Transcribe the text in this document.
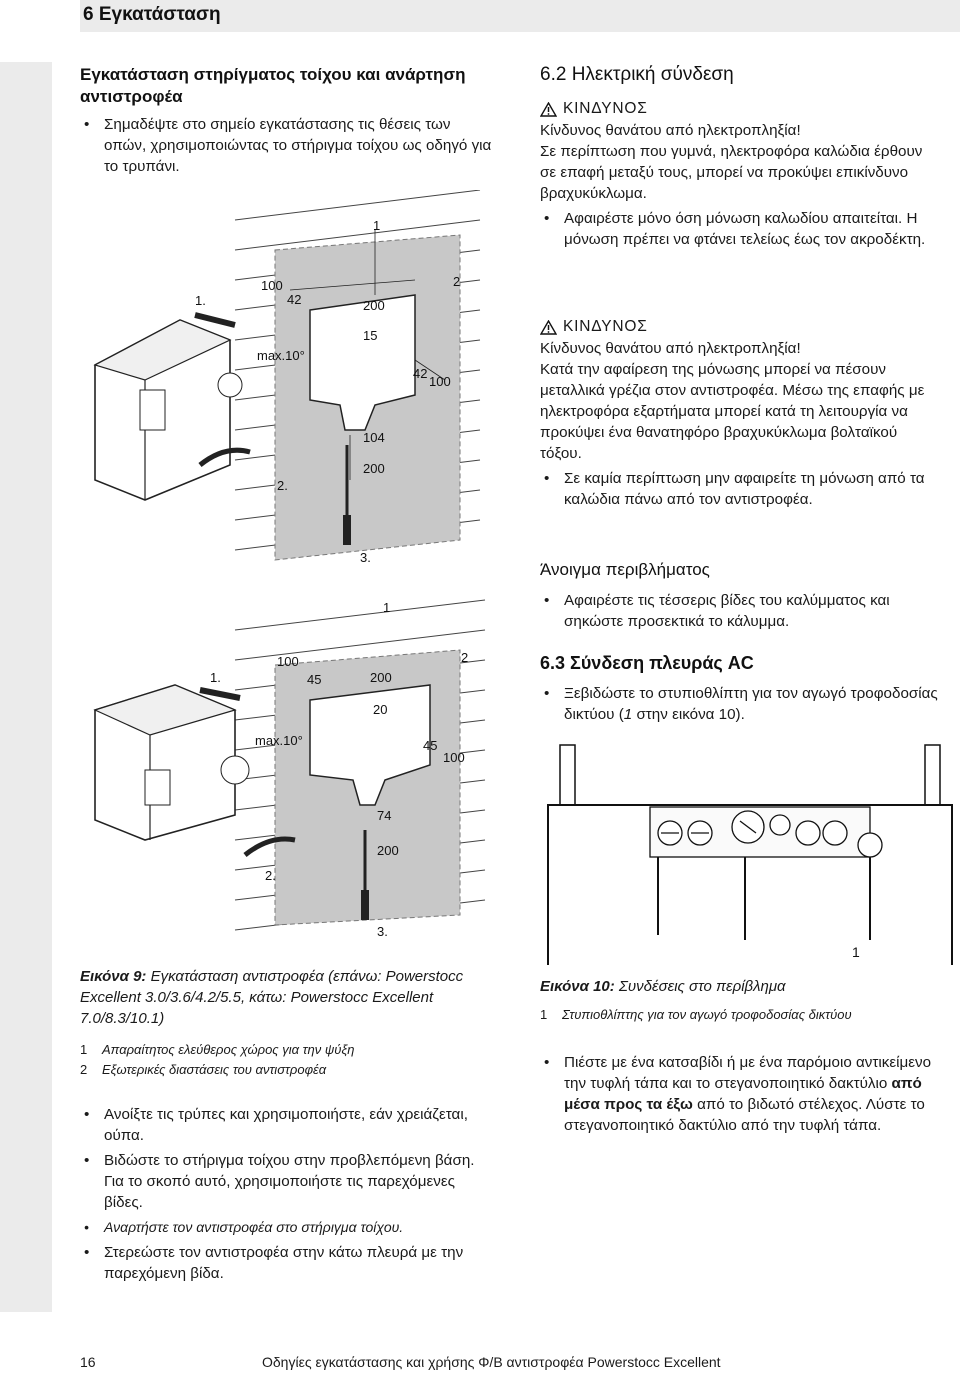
6 Εγκατάσταση
Εγκατάσταση στηρίγματος τοίχου και ανάρτηση αντιστροφέα
• Σημαδέψτε στο σημείο εγκατάστασης τις θέσεις των οπών, χρησιμοποιώντας το στήριγμα τοίχου ως οδηγό για το τρυπάνι.
1.
2.
3.
100
42
42
200
15
100
104
200
max.10°
1
2
1.
2.
3.
100
45
45
200
20
100
74
200
max.10°
1
2
Εικόνα 9: Εγκατάσταση αντιστροφέα (επάνω: Powerstocc Excellent 3.0/3.6/4.2/5.5, κάτω: Powerstocc Excellent 7.0/8.3/10.1)
1 Απαραίτητος ελεύθερος χώρος για την ψύξη
2 Εξωτερικές διαστάσεις του αντιστροφέα
• Ανοίξτε τις τρύπες και χρησιμοποιήστε, εάν χρειάζεται, ούπα.
• Βιδώστε το στήριγμα τοίχου στην προβλεπόμενη βάση. Για το σκοπό αυτό, χρησιμοποιήστε τις παρεχόμενες βίδες.
• Αναρτήστε τον αντιστροφέα στο στήριγμα τοίχου.
• Στερεώστε τον αντιστροφέα στην κάτω πλευρά με την παρεχόμενη βίδα.
6.2 Ηλεκτρική σύνδεση
ΚΙΝΔΥΝΟΣ
Κίνδυνος θανάτου από ηλεκτροπληξία!
Σε περίπτωση που γυμνά, ηλεκτροφόρα καλώδια έρθουν σε επαφή μεταξύ τους, μπορεί να προκύψει επικίνδυνο βραχυκύκλωμα.
• Αφαιρέστε μόνο όση μόνωση καλωδίου απαιτείται. Η μόνωση πρέπει να φτάνει τελείως έως τον ακροδέκτη.
ΚΙΝΔΥΝΟΣ
Κίνδυνος θανάτου από ηλεκτροπληξία!
Κατά την αφαίρεση της μόνωσης μπορεί να πέσουν μεταλλικά γρέζια στον αντιστροφέα. Μέσω της επαφής με ηλεκτροφόρα εξαρτήματα μπορεί κατά τη λειτουργία να προκύψει ένα θανατηφόρο βραχυκύκλωμα βολταϊκού τόξου.
• Σε καμία περίπτωση μην αφαιρείτε τη μόνωση από τα καλώδια πάνω από τον αντιστροφέα.
Άνοιγμα περιβλήματος
• Αφαιρέστε τις τέσσερις βίδες του καλύμματος και σηκώστε προσεκτικά το κάλυμμα.
6.3 Σύνδεση πλευράς AC
• Ξεβιδώστε το στυπιοθλίπτη για τον αγωγό τροφοδοσίας δικτύου (1 στην εικόνα 10).
1
Εικόνα 10: Συνδέσεις στο περίβλημα
1 Στυπιοθλίπτης για τον αγωγό τροφοδοσίας δικτύου
• Πιέστε με ένα κατσαβίδι ή με ένα παρόμοιο αντικείμενο την τυφλή τάπα και το στεγανοποιητικό δακτύλιο από μέσα προς τα έξω από το βιδωτό στέλεχος. Λύστε το στεγανοποιητικό δακτύλιο από την τυφλή τάπα.
16	Οδηγίες εγκατάστασης και χρήσης Φ/Β αντιστροφέα Powerstocc Excellent
